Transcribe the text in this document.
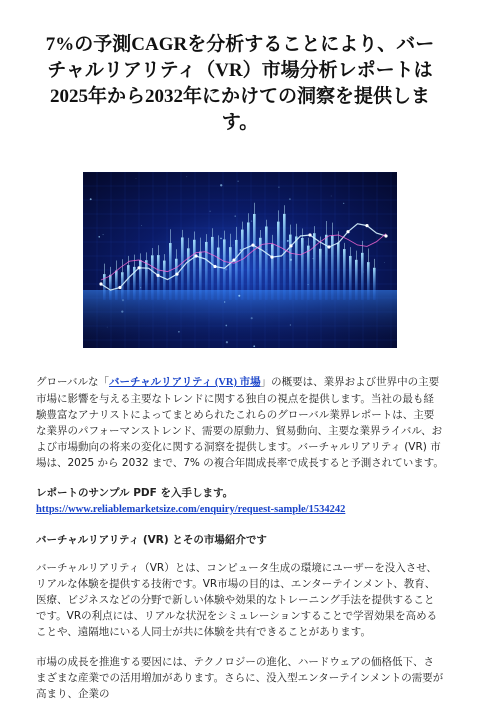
7%の予測CAGRを分析することにより、バーチャルリアリティ（VR）市場分析レポートは2025年から2032年にかけての洞察を提供します。

グローバルな「バーチャルリアリティ (VR) 市場」の概要は、業界および世界中の主要市場に影響を与える主要なトレンドに関する独自の視点を提供します。当社の最も経験豊富なアナリストによってまとめられたこれらのグローバル業界レポートは、主要な業界のパフォーマンストレンド、需要の原動力、貿易動向、主要な業界ライバル、および市場動向の将来の変化に関する洞察を提供します。バーチャルリアリティ (VR) 市場は、2025 から 2032 まで、7% の複合年間成長率で成長すると予測されています。

レポートのサンプル PDF を入手します。 https://www.reliablemarketsize.com/enquiry/request-sample/1534242

バーチャルリアリティ (VR) とその市場紹介です

バーチャルリアリティ（VR）とは、コンピュータ生成の環境にユーザーを没入させ、リアルな体験を提供する技術です。VR市場の目的は、エンターテインメント、教育、医療、ビジネスなどの分野で新しい体験や効果的なトレーニング手法を提供することです。VRの利点には、リアルな状況をシミュレーションすることで学習効果を高めることや、遠隔地にいる人同士が共に体験を共有できることがあります。

市場の成長を推進する要因には、テクノロジーの進化、ハードウェアの価格低下、さまざまな産業での活用増加があります。さらに、没入型エンターテインメントの需要が高まり、企業の
